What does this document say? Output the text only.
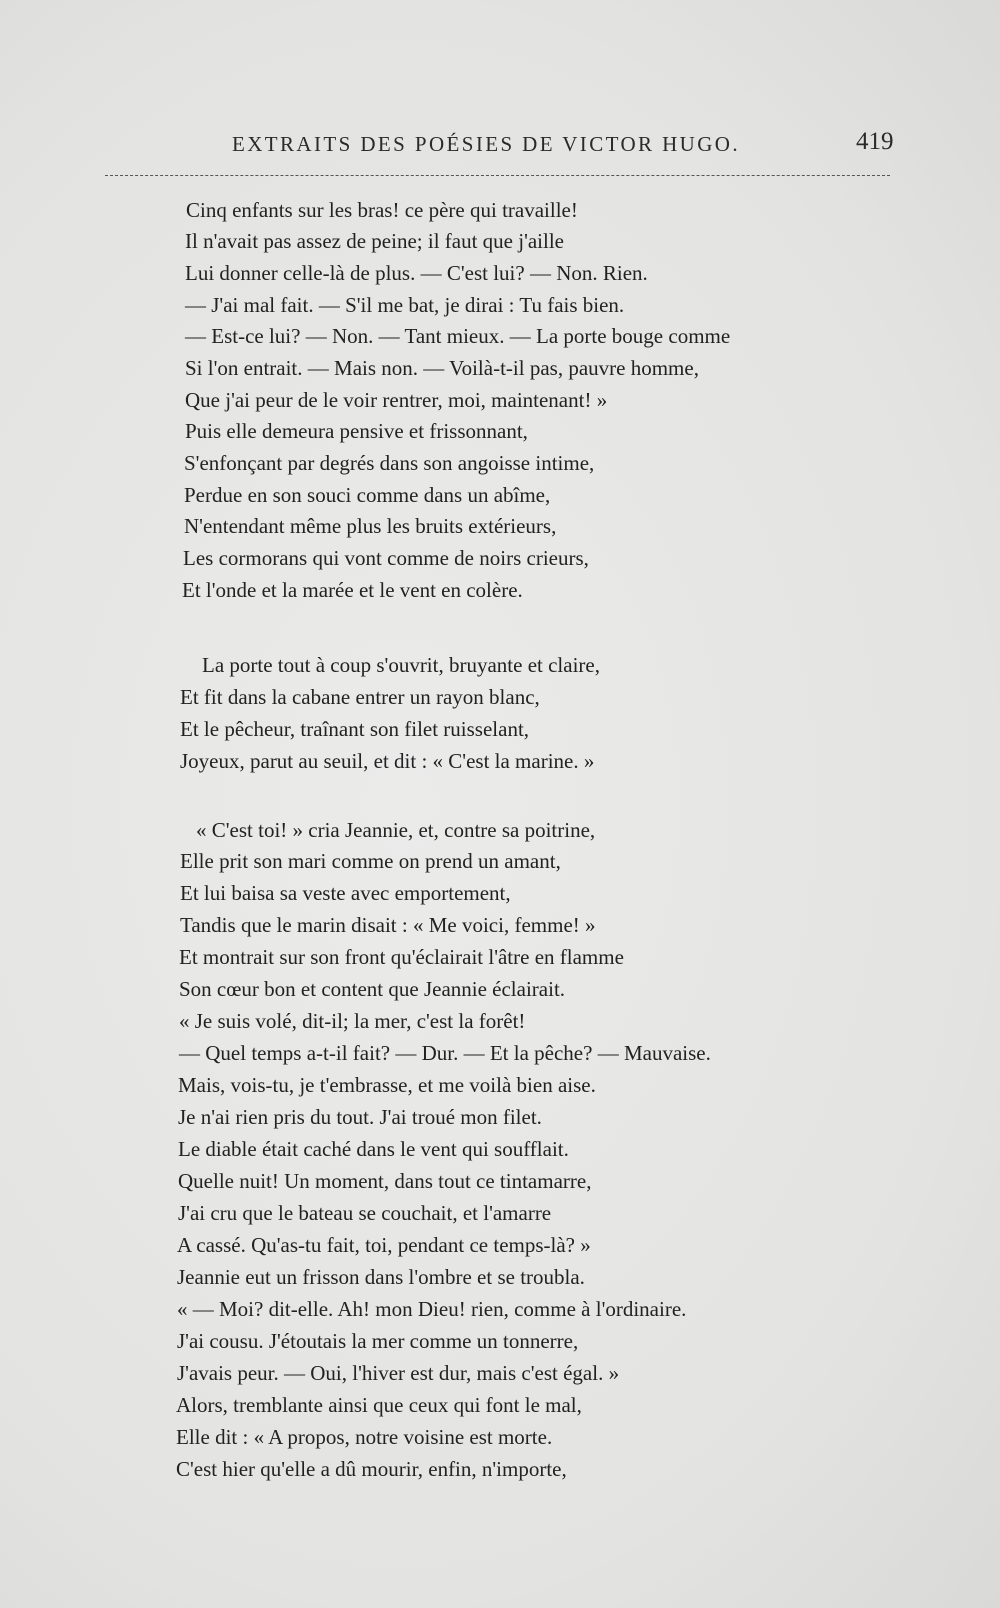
EXTRAITS DES POÉSIES DE VICTOR HUGO.	419
Cinq enfants sur les bras! ce père qui travaille!
Il n'avait pas assez de peine; il faut que j'aille
Lui donner celle-là de plus. — C'est lui? — Non. Rien.
— J'ai mal fait. — S'il me bat, je dirai : Tu fais bien.
— Est-ce lui? — Non. — Tant mieux. — La porte bouge comme
Si l'on entrait. — Mais non. — Voilà-t-il pas, pauvre homme,
Que j'ai peur de le voir rentrer, moi, maintenant! »
Puis elle demeura pensive et frissonnant,
S'enfonçant par degrés dans son angoisse intime,
Perdue en son souci comme dans un abîme,
N'entendant même plus les bruits extérieurs,
Les cormorans qui vont comme de noirs crieurs,
Et l'onde et la marée et le vent en colère.
La porte tout à coup s'ouvrit, bruyante et claire,
Et fit dans la cabane entrer un rayon blanc,
Et le pêcheur, traînant son filet ruisselant,
Joyeux, parut au seuil, et dit : « C'est la marine. »
« C'est toi! » cria Jeannie, et, contre sa poitrine,
Elle prit son mari comme on prend un amant,
Et lui baisa sa veste avec emportement,
Tandis que le marin disait : « Me voici, femme! »
Et montrait sur son front qu'éclairait l'âtre en flamme
Son cœur bon et content que Jeannie éclairait.
« Je suis volé, dit-il; la mer, c'est la forêt!
— Quel temps a-t-il fait? — Dur. — Et la pêche? — Mauvaise.
Mais, vois-tu, je t'embrasse, et me voilà bien aise.
Je n'ai rien pris du tout. J'ai troué mon filet.
Le diable était caché dans le vent qui soufflait.
Quelle nuit! Un moment, dans tout ce tintamarre,
J'ai cru que le bateau se couchait, et l'amarre
A cassé. Qu'as-tu fait, toi, pendant ce temps-là? »
Jeannie eut un frisson dans l'ombre et se troubla.
« — Moi? dit-elle. Ah! mon Dieu! rien, comme à l'ordinaire.
J'ai cousu. J'étoutais la mer comme un tonnerre,
J'avais peur. — Oui, l'hiver est dur, mais c'est égal. »
Alors, tremblante ainsi que ceux qui font le mal,
Elle dit : « A propos, notre voisine est morte.
C'est hier qu'elle a dû mourir, enfin, n'importe,
